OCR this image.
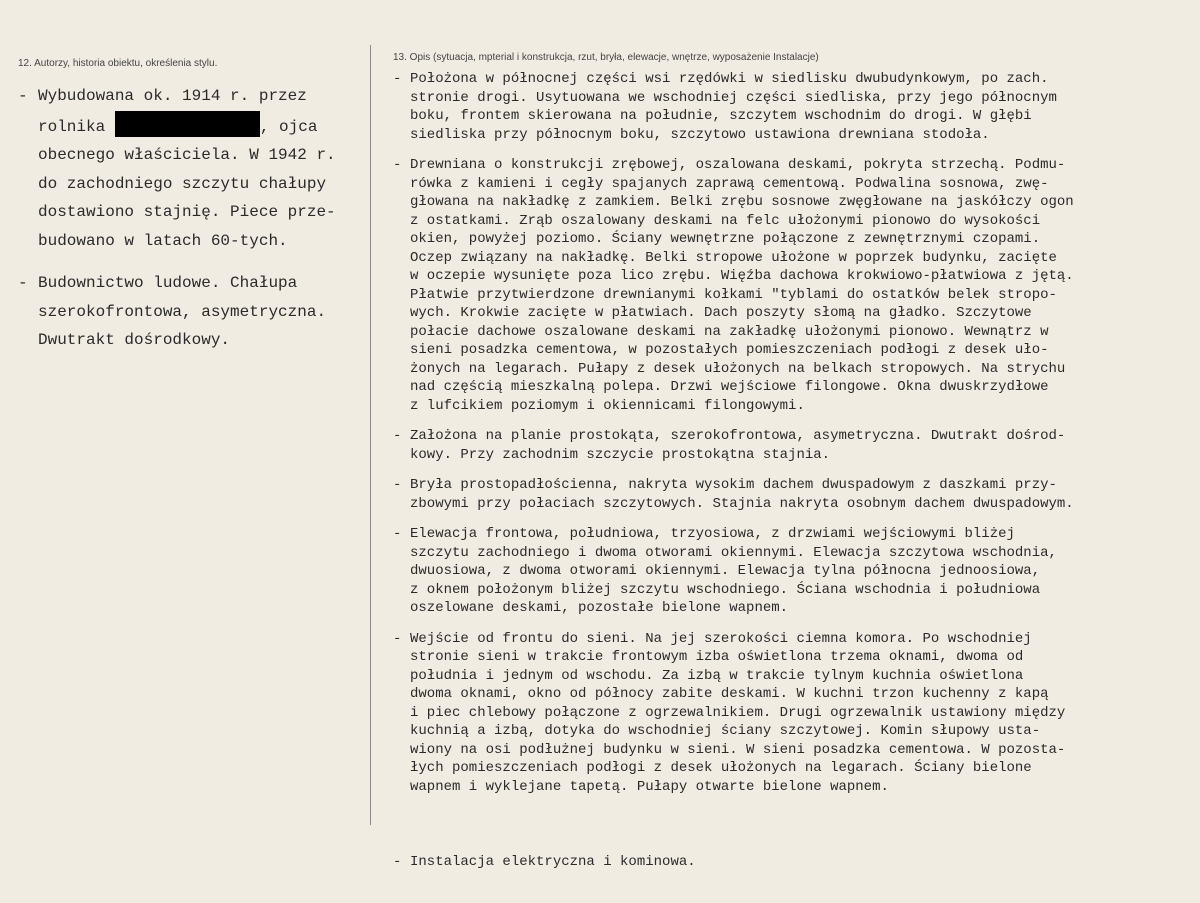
12. Autorzy, historia obiektu, określenia stylu.
13. Opis (sytuacja, mpterial i konstrukcja, rzut, bryła, elewacje, wnętrze, wyposażenie Instalacje)
- Wybudowana ok. 1914 r. przez
rolnika	, ojca
obecnego właściciela. W 1942 r.
do zachodniego szczytu chałupy
dostawiono stajnię. Piece prze-
budowano w latach 60-tych.
- Budownictwo ludowe. Chałupa
szerokofrontowa, asymetryczna.
Dwutrakt dośrodkowy.
- Położona w północnej części wsi rzędówki w siedlisku dwubudynkowym, po zach.
stronie drogi. Usytuowana we wschodniej części siedliska, przy jego północnym
boku, frontem skierowana na południe, szczytem wschodnim do drogi. W głębi
siedliska przy północnym boku, szczytowo ustawiona drewniana stodoła.
- Drewniana o konstrukcji zrębowej, oszalowana deskami, pokryta strzechą. Podmu-
rówka z kamieni i cegły spajanych zaprawą cementową. Podwalina sosnowa, zwę-
głowana na nakładkę z zamkiem. Belki zrębu sosnowe zwęgłowane na jaskółczy ogon
z ostatkami. Zrąb oszalowany deskami na felc ułożonymi pionowo do wysokości
okien, powyżej poziomo. Ściany wewnętrzne połączone z zewnętrznymi czopami.
Oczep związany na nakładkę. Belki stropowe ułożone w poprzek budynku, zacięte
w oczepie wysunięte poza lico zrębu. Więźba dachowa krokwiowo-płatwiowa z jętą.
Płatwie przytwierdzone drewnianymi kołkami "tyblami do ostatków belek stropo-
wych. Krokwie zacięte w płatwiach. Dach poszyty słomą na gładko. Szczytowe
połacie dachowe oszalowane deskami na zakładkę ułożonymi pionowo. Wewnątrz w
sieni posadzka cementowa, w pozostałych pomieszczeniach podłogi z desek uło-
żonych na legarach. Pułapy z desek ułożonych na belkach stropowych. Na strychu
nad częścią mieszkalną polepa. Drzwi wejściowe filongowe. Okna dwuskrzydłowe
z lufcikiem poziomym i okiennicami filongowymi.
- Założona na planie prostokąta, szerokofrontowa, asymetryczna. Dwutrakt dośrod-
kowy. Przy zachodnim szczycie prostokątna stajnia.
- Bryła prostopadłościenna, nakryta wysokim dachem dwuspadowym z daszkami przy-
zbowymi przy połaciach szczytowych. Stajnia nakryta osobnym dachem dwuspadowym.
- Elewacja frontowa, południowa, trzyosiowa, z drzwiami wejściowymi bliżej
szczytu zachodniego i dwoma otworami okiennymi. Elewacja szczytowa wschodnia,
dwuosiowa, z dwoma otworami okiennymi. Elewacja tylna północna jednoosiowa,
z oknem położonym bliżej szczytu wschodniego. Ściana wschodnia i południowa
oszelowane deskami, pozostałe bielone wapnem.
- Wejście od frontu do sieni. Na jej szerokości ciemna komora. Po wschodniej
stronie sieni w trakcie frontowym izba oświetlona trzema oknami, dwoma od
południa i jednym od wschodu. Za izbą w trakcie tylnym kuchnia oświetlona
dwoma oknami, okno od północy zabite deskami. W kuchni trzon kuchenny z kapą
i piec chlebowy połączone z ogrzewalnikiem. Drugi ogrzewalnik ustawiony między
kuchnią a izbą, dotyka do wschodniej ściany szczytowej. Komin słupowy usta-
wiony na osi podłużnej budynku w sieni. W sieni posadzka cementowa. W pozosta-
łych pomieszczeniach podłogi z desek ułożonych na legarach. Ściany bielone
wapnem i wyklejane tapetą. Pułapy otwarte bielone wapnem.
- Instalacja elektryczna i kominowa.
